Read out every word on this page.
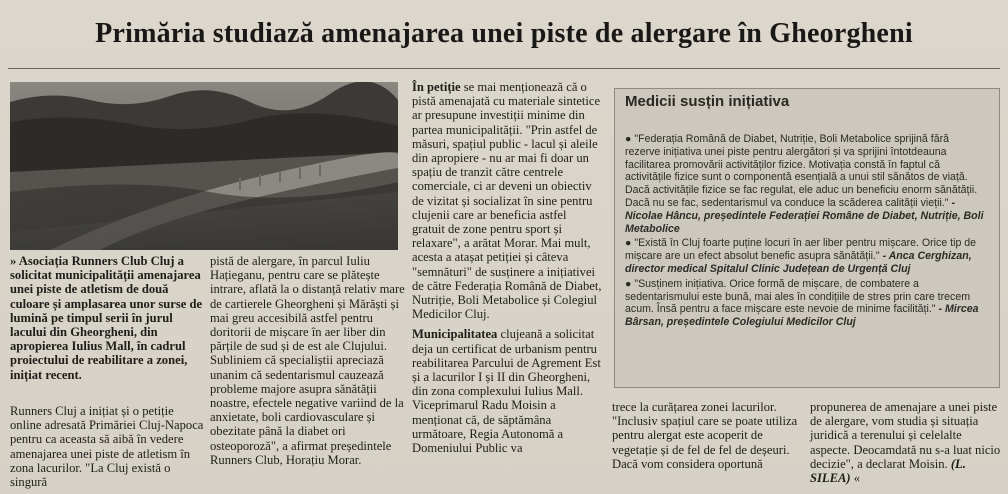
Primăria studiază amenajarea unei piste de alergare în Gheorgheni

» Asociația Runners Club Cluj a solicitat municipalității amenajarea unei piste de atletism de două culoare și amplasarea unor surse de lumină pe timpul serii în jurul lacului din Gheorgheni, din apropierea Iulius Mall, în cadrul proiectului de reabilitare a zonei, inițiat recent.

Runners Cluj a inițiat și o petiție online adresată Primăriei Cluj-Napoca pentru ca aceasta să aibă în vedere amenajarea unei piste de atletism în zona lacurilor. "La Cluj există o singură

pistă de alergare, în parcul Iuliu Hațieganu, pentru care se plătește intrare, aflată la o distanță relativ mare de cartierele Gheorgheni și Mărăști și mai greu accesibilă astfel pentru doritorii de mișcare în aer liber din părțile de sud și de est ale Clujului. Subliniem că specialiștii apreciază unanim că sedentarismul cauzează probleme majore asupra sănătății noastre, efectele negative variind de la anxietate, boli cardiovasculare și obezitate până la diabet ori osteoporoză", a afirmat președintele Runners Club, Horațiu Morar.

În petiție se mai menționează că o pistă amenajată cu materiale sintetice ar presupune investiții minime din partea municipalității. "Prin astfel de măsuri, spațiul public - lacul și aleile din apropiere - nu ar mai fi doar un spațiu de tranzit către centrele comerciale, ci ar deveni un obiectiv de vizitat și socializat în sine pentru clujenii care ar beneficia astfel gratuit de zone pentru sport și relaxare", a arătat Morar. Mai mult, acesta a atașat petiției și câteva "semnături" de susținere a inițiativei de către Federația Română de Diabet, Nutriție, Boli Metabolice și Colegiul Medicilor Cluj.

Municipalitatea clujeană a solicitat deja un certificat de urbanism pentru reabilitarea Parcului de Agrement Est și a lacurilor I și II din Gheorgheni, din zona complexului Iulius Mall. Viceprimarul Radu Moisin a menționat că, de săptămâna următoare, Regia Autonomă a Domeniului Public va

Medicii susțin inițiativa

● "Federația Română de Diabet, Nutriție, Boli Metabolice sprijină fără rezerve inițiativa unei piste pentru alergători și va sprijini întotdeauna facilitarea promovării activităților fizice. Motivația constă în faptul că activitățile fizice sunt o componentă esențială a unui stil sănătos de viață. Dacă activitățile fizice se fac regulat, ele aduc un beneficiu enorm sănătății. Dacă nu se fac, sedentarismul va conduce la scăderea calității vieții." - Nicolae Hâncu, președintele Federației Române de Diabet, Nutriție, Boli Metabolice

● "Există în Cluj foarte puține locuri în aer liber pentru mișcare. Orice tip de mișcare are un efect absolut benefic asupra sănătății." - Anca Cerghizan, director medical Spitalul Clinic Județean de Urgență Cluj

● "Susținem inițiativa. Orice formă de mișcare, de combatere a sedentarismului este bună, mai ales în condițiile de stres prin care trecem acum. Însă pentru a face mișcare este nevoie de minime facilități." - Mircea Bârsan, președintele Colegiului Medicilor Cluj

trece la curățarea zonei lacurilor. "Inclusiv spațiul care se poate utiliza pentru alergat este acoperit de vegetație și de fel de fel de deșeuri. Dacă vom considera oportună

propunerea de amenajare a unei piste de alergare, vom studia și situația juridică a terenului și celelalte aspecte. Deocamdată nu s-a luat nicio decizie", a declarat Moisin. (L. SILEA) «
